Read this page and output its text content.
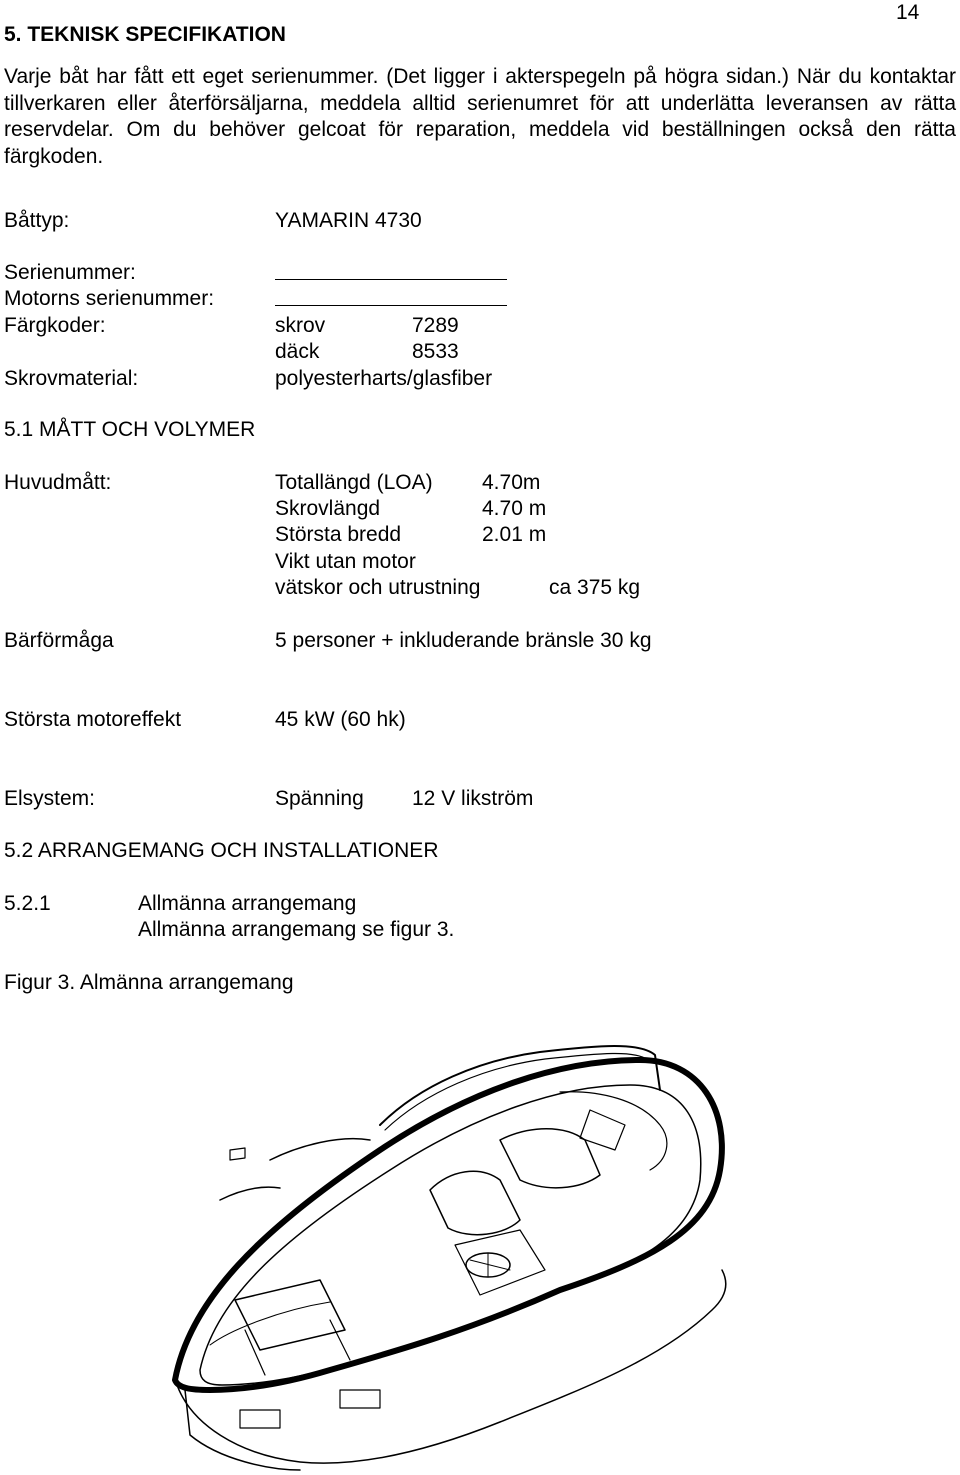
14
5. TEKNISK SPECIFIKATION

Varje båt har fått ett eget serienummer. (Det ligger i akterspegeln på högra sidan.) När du kontaktar tillverkaren eller återförsäljarna, meddela alltid serienumret för att underlätta leveransen av rätta reservdelar. Om du behöver gelcoat för reparation, meddela vid beställningen också den rätta färgkoden.

Båttyp:	YAMARIN 4730
Serienummer:
Motorns serienummer:
Färgkoder:	skrov	7289
däck	8533
Skrovmaterial:	polyesterharts/glasfiber
5.1 MÅTT OCH VOLYMER
Huvudmått:	Totallängd (LOA) 4.70m
Skrovlängd	4.70 m
Största bredd	2.01 m
Vikt utan motor
vätskor och utrustning	ca 375 kg
Bärförmåga	5 personer + inkluderande bränsle 30 kg
Största motoreffekt	45 kW (60 hk)
Elsystem:	Spänning 12 V likström
5.2 ARRANGEMANG OCH INSTALLATIONER
5.2.1	Allmänna arrangemang
Allmänna arrangemang se figur 3.
Figur 3. Almänna arrangemang
